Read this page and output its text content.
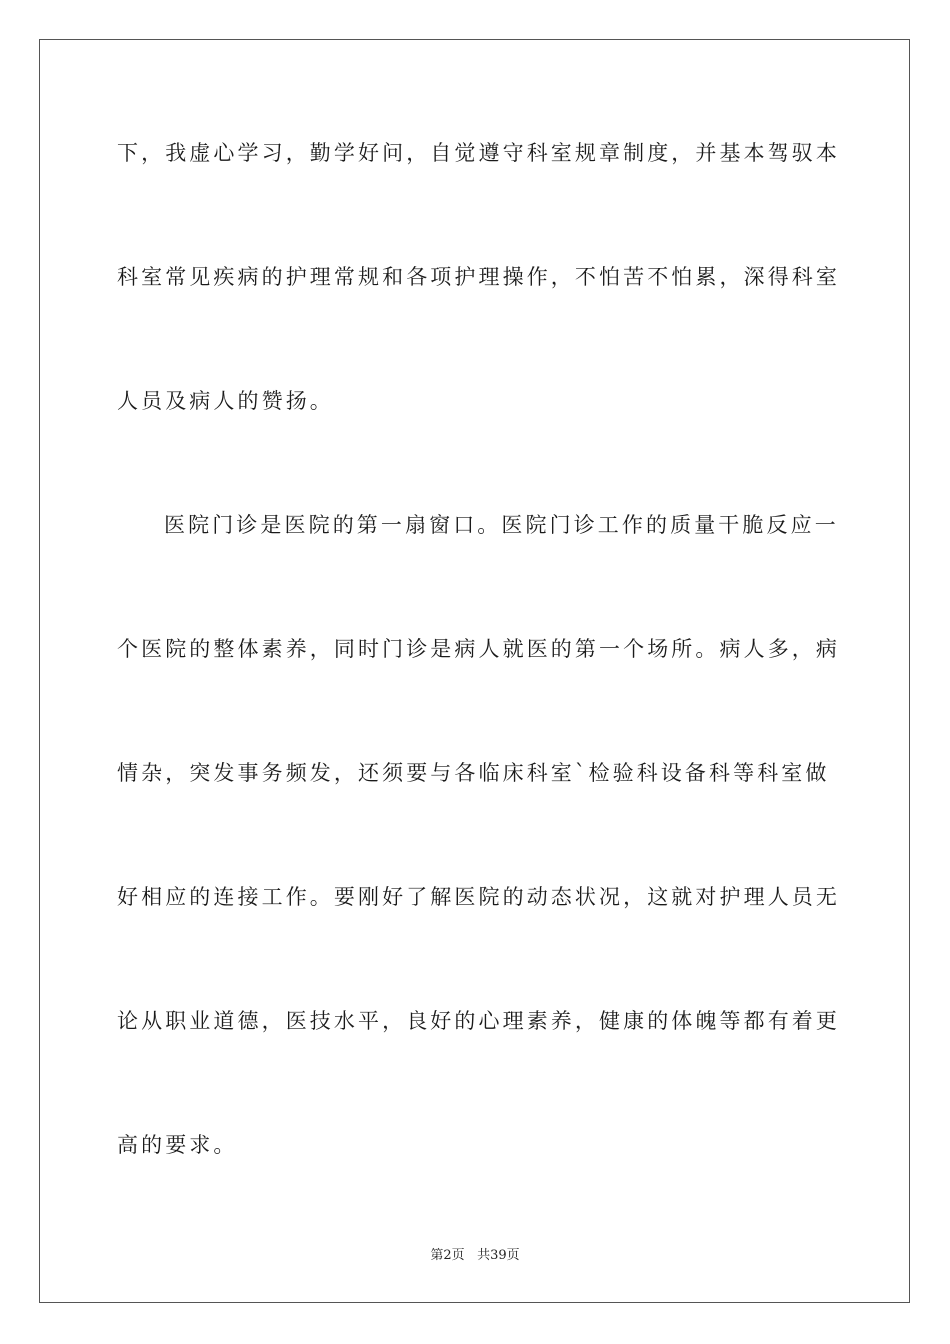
下，我虚心学习，勤学好问，自觉遵守科室规章制度，并基本驾驭本
科室常见疾病的护理常规和各项护理操作，不怕苦不怕累，深得科室
人员及病人的赞扬。
医院门诊是医院的第一扇窗口。医院门诊工作的质量干脆反应一
个医院的整体素养，同时门诊是病人就医的第一个场所。病人多，病
情杂，突发事务频发，还须要与各临床科室`检验科设备科等科室做
好相应的连接工作。要刚好了解医院的动态状况，这就对护理人员无
论从职业道德，医技水平，良好的心理素养，健康的体魄等都有着更
高的要求。
第2页 共39页
